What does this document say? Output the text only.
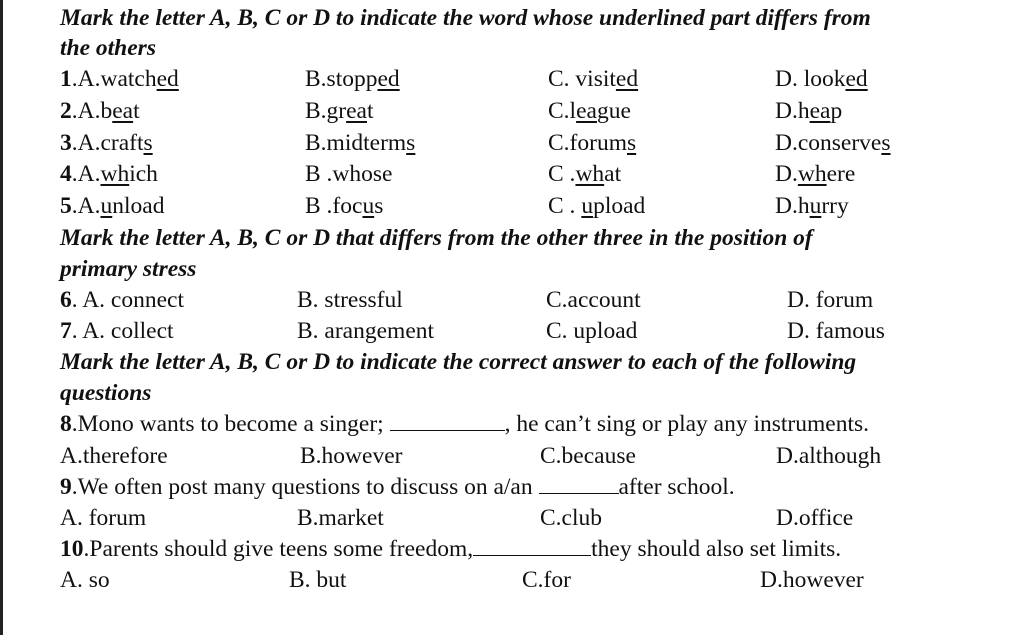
Mark the letter A, B, C or D to indicate the word whose underlined part differs from
the others
1.A.watched	B.stopped	C. visited	D. looked
2.A.beat	B.great	C.league	D.heap
3.A.crafts	B.midterms	C.forums	D.conserves
4.A.which	B .whose	C .what	D.where
5.A.unload	B .focus	C . upload	D.hurry
Mark the letter A, B, C or D that differs from the other three in the position of
primary stress
6. A. connect	B. stressful	C.account	D. forum
7. A. collect	B. arangement	C. upload	D. famous
Mark the letter A, B, C or D to indicate the correct answer to each of the following
questions
8.Mono wants to become a singer;	, he can’t sing or play any instruments.
A.therefore	B.however	C.because	D.although
9.We often post many questions to discuss on a/an	after school.
A. forum	B.market	C.club	D.office
10.Parents should give teens some freedom,	they should also set limits.
A. so	B. but	C.for	D.however
